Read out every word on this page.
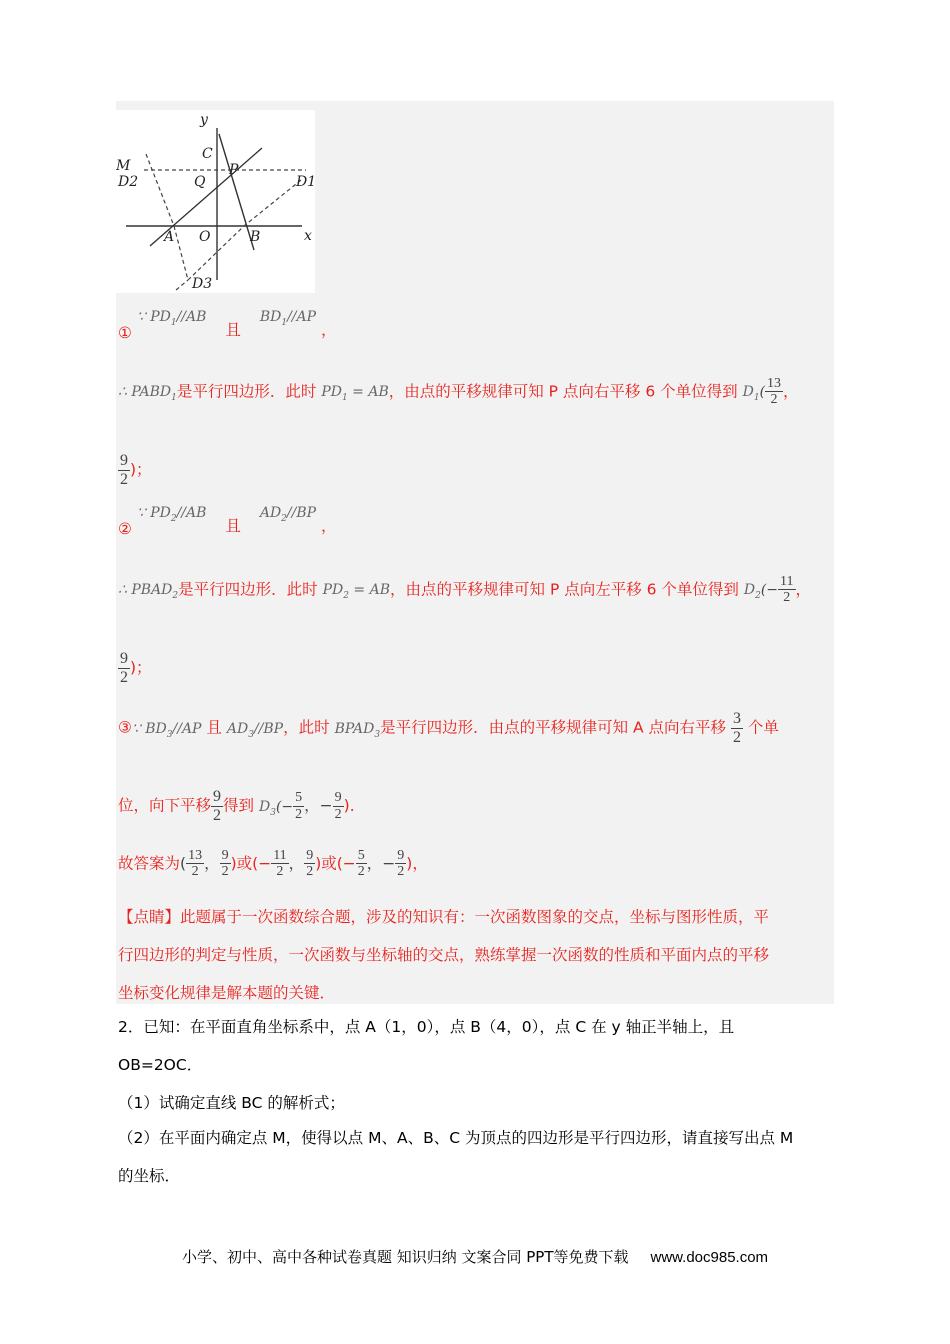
y
x
M
C
P
Q
D2	D1
A O	B
D3
① ∵ $PD_1//AB$ 且 $BD_1//AP$ ，
∴ $PABD_1$是平行四边形．此时 $PD_1$ = AB，由点的平移规律可知 P 点向右平移 6 个单位得到 $D_1( \frac{13}{2}$ ，
$\frac{9}{2}$ )；
② ∵ $PD_2//AB$ 且 $AD_2//BP$ ，
∴ $PBAD_2$是平行四边形．此时 $PD_2$ = AB，由点的平移规律可知 P 点向左平移 6 个单位得到 $D_2(- \frac{11}{2}$ ，
$\frac{9}{2}$ )；
③∵ $BD_3//AP$ 且 $AD_3//BP$，此时 $BPAD_3$是平行四边形．由点的平移规律可知 A 点向右平移 $\frac{3}{2}$ 个单
位，向下平移 $\frac{9}{2}$ 得到 $D_3(- \frac{5}{2}$ ，− $\frac{9}{2}$ )．
故答案为( $\frac{13}{2}$ ， $\frac{9}{2}$ )或(− $\frac{11}{2}$ ， $\frac{9}{2}$ )或(− $\frac{5}{2}$ ，− $\frac{9}{2}$ )，
【点睛】此题属于一次函数综合题，涉及的知识有：一次函数图象的交点，坐标与图形性质，平
行四边形的判定与性质，一次函数与坐标轴的交点，熟练掌握一次函数的性质和平面内点的平移
坐标变化规律是解本题的关键．
2．已知：在平面直角坐标系中，点 A（1，0），点 B（4，0），点 C 在 y 轴正半轴上，且
OB=2OC．
（1）试确定直线 BC 的解析式；
（2）在平面内确定点 M，使得以点 M、A、B、C 为顶点的四边形是平行四边形，请直接写出点 M
的坐标．
小学、初中、高中各种试卷真题 知识归纳 文案合同 PPT等免费下载 www.doc985.com
